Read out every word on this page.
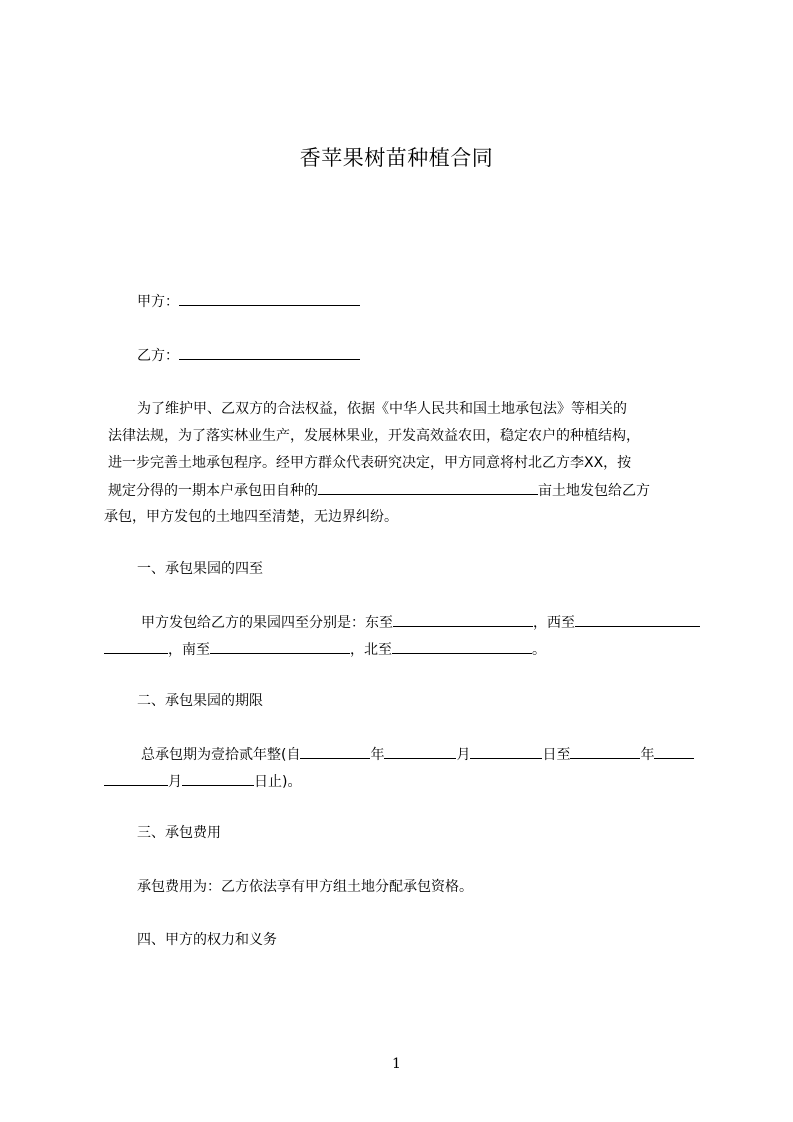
香苹果树苗种植合同
甲方：
乙方：
为了维护甲、乙双方的合法权益，依据《中华人民共和国土地承包法》等相关的
法律法规，为了落实林业生产，发展林果业，开发高效益农田，稳定农户的种植结构，
进一步完善土地承包程序。经甲方群众代表研究决定，甲方同意将村北乙方李XX，按
规定分得的一期本户承包田自种的	亩土地发包给乙方
承包，甲方发包的土地四至清楚，无边界纠纷。
一、承包果园的四至
甲方发包给乙方的果园四至分别是：东至	，西至
，南至	，北至	。
二、承包果园的期限
总承包期为壹拾贰年整(自	年	月	日至	年
月	日止)。
三、承包费用
承包费用为：乙方依法享有甲方组土地分配承包资格。
四、甲方的权力和义务
1
